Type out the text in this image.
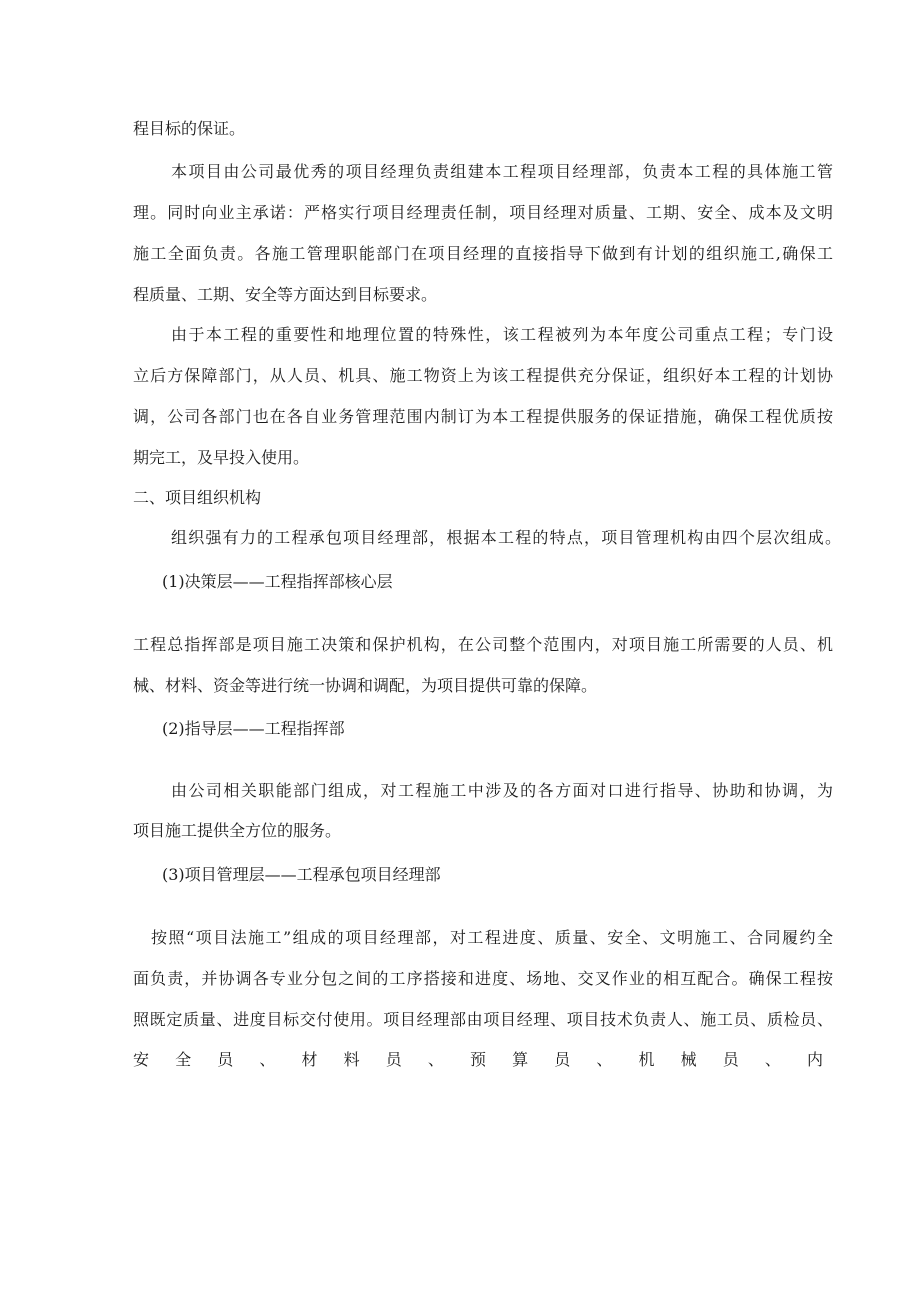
程目标的保证。
本项目由公司最优秀的项目经理负责组建本工程项目经理部，负责本工程的具体施工管
理。同时向业主承诺：严格实行项目经理责任制，项目经理对质量、工期、安全、成本及文明
施工全面负责。各施工管理职能部门在项目经理的直接指导下做到有计划的组织施工,确保工
程质量、工期、安全等方面达到目标要求。
由于本工程的重要性和地理位置的特殊性，该工程被列为本年度公司重点工程；专门设
立后方保障部门，从人员、机具、施工物资上为该工程提供充分保证，组织好本工程的计划协
调，公司各部门也在各自业务管理范围内制订为本工程提供服务的保证措施，确保工程优质按
期完工，及早投入使用。
二、项目组织机构
组织强有力的工程承包项目经理部，根据本工程的特点，项目管理机构由四个层次组成。
(1)决策层——工程指挥部核心层
工程总指挥部是项目施工决策和保护机构，在公司整个范围内，对项目施工所需要的人员、机
械、材料、资金等进行统一协调和调配，为项目提供可靠的保障。
(2)指导层——工程指挥部
由公司相关职能部门组成，对工程施工中涉及的各方面对口进行指导、协助和协调，为
项目施工提供全方位的服务。
(3)项目管理层——工程承包项目经理部
按照“项目法施工”组成的项目经理部，对工程进度、质量、安全、文明施工、合同履约全
面负责，并协调各专业分包之间的工序搭接和进度、场地、交叉作业的相互配合。确保工程按
照既定质量、进度目标交付使用。项目经理部由项目经理、项目技术负责人、施工员、质检员、
安全员、材料员、预算员、机械员、内
